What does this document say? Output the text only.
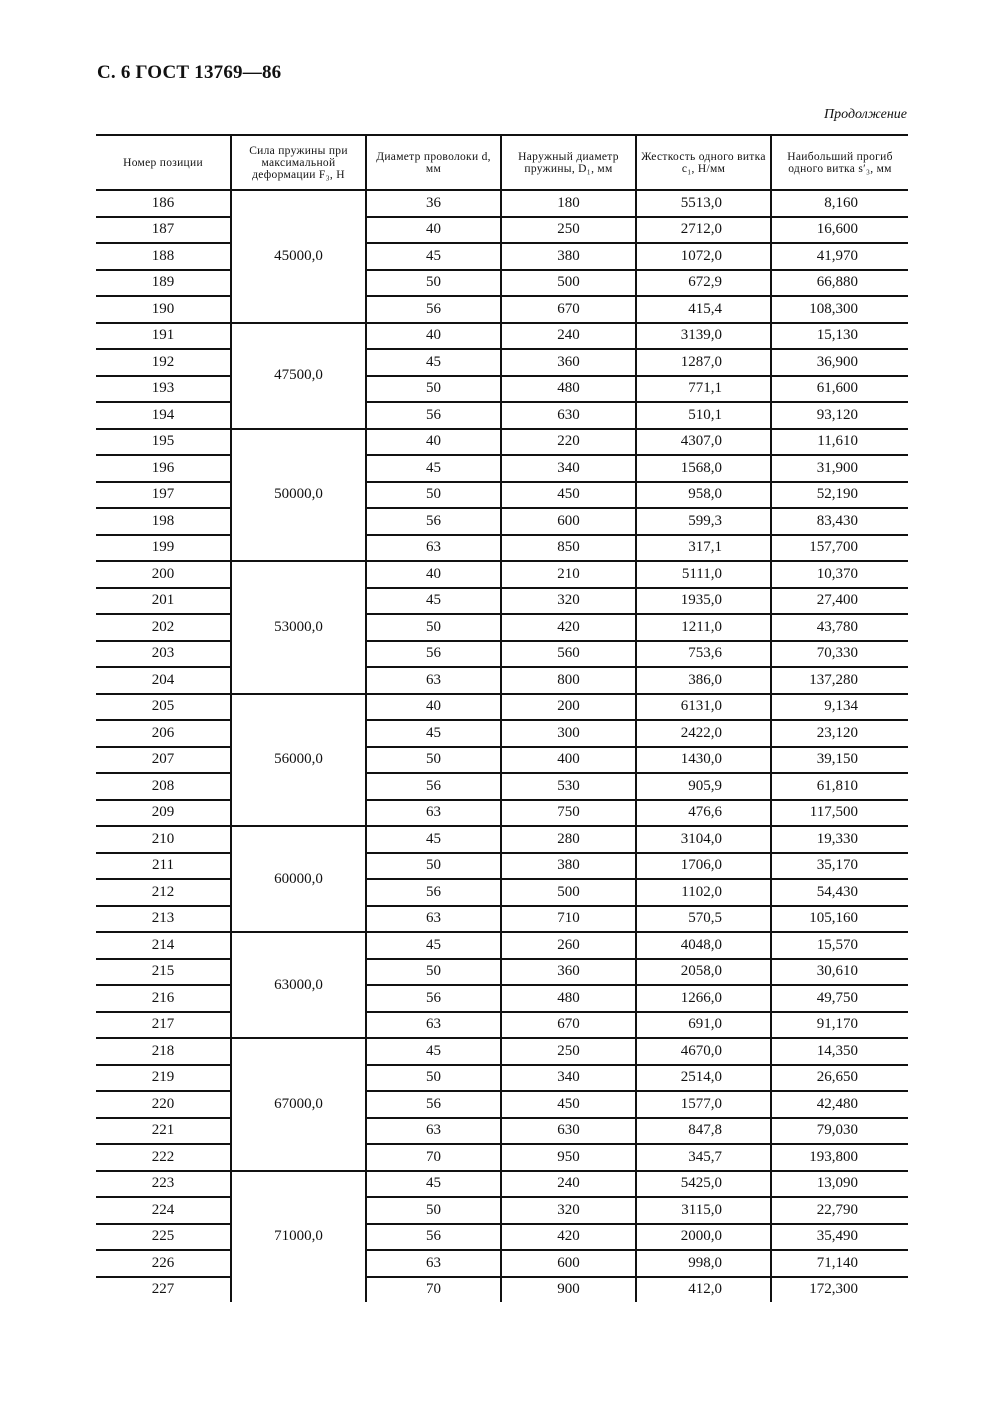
С. 6 ГОСТ 13769—86
Продолжение
Номер позиции	Сила пружины при максимальной деформации F₃, Н	Диаметр проволоки d, мм	Наружный диаметр пружины, D₁, мм	Жесткость одного витка c₁, Н/мм	Наибольший прогиб одного витка s′₃, мм
186	45000,0	36	180	5513,0	8,160
187		40	250	2712,0	16,600
188		45	380	1072,0	41,970
189		50	500	672,9	66,880
190		56	670	415,4	108,300
191	47500,0	40	240	3139,0	15,130
192		45	360	1287,0	36,900
193		50	480	771,1	61,600
194		56	630	510,1	93,120
195	50000,0	40	220	4307,0	11,610
196		45	340	1568,0	31,900
197		50	450	958,0	52,190
198		56	600	599,3	83,430
199		63	850	317,1	157,700
200	53000,0	40	210	5111,0	10,370
201		45	320	1935,0	27,400
202		50	420	1211,0	43,780
203		56	560	753,6	70,330
204		63	800	386,0	137,280
205	56000,0	40	200	6131,0	9,134
206		45	300	2422,0	23,120
207		50	400	1430,0	39,150
208		56	530	905,9	61,810
209		63	750	476,6	117,500
210	60000,0	45	280	3104,0	19,330
211		50	380	1706,0	35,170
212		56	500	1102,0	54,430
213		63	710	570,5	105,160
214	63000,0	45	260	4048,0	15,570
215		50	360	2058,0	30,610
216		56	480	1266,0	49,750
217		63	670	691,0	91,170
218	67000,0	45	250	4670,0	14,350
219		50	340	2514,0	26,650
220		56	450	1577,0	42,480
221		63	630	847,8	79,030
222		70	950	345,7	193,800
223	71000,0	45	240	5425,0	13,090
224		50	320	3115,0	22,790
225		56	420	2000,0	35,490
226		63	600	998,0	71,140
227		70	900	412,0	172,300
